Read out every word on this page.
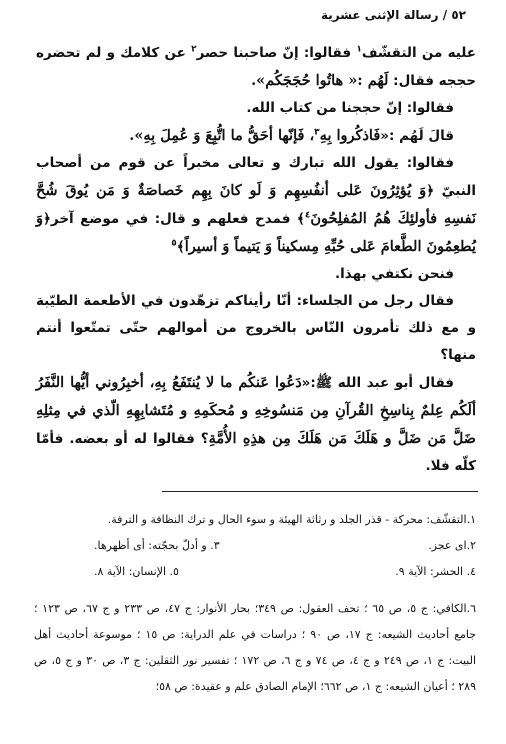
٥٢ / رسالة الإثنى عشرية

عليه من التقشّف$^١$ فقالوا: إنّ صاحبنا حصر$^٢$ عن كلامك و لم تحضره حججه فقال: لَهُم :« هاتُوا حُجَجَكُم».

فقالوا: إنّ حججنا من كتاب الله.

قالَ لَهُم :«فَاذكُروا بِهِ$^٣$، فَإنّها أحَقُّ ما اتُّبِعَ وَ عُمِلَ بِهِ».

فقالوا: يقول الله تبارك و تعالى مخبراً عن قوم من أصحاب النبيّ ﴿وَ يُؤثِرُونَ عَلى أنفُسِهِم وَ لَو كانَ بِهِم خَصاصَةٌ وَ مَن يُوقَ شُحَّ نَفسِهِ فأولئِكَ هُمُ المُفلِحُونَ$^٤$﴾ فمدح فعلهم و قال: في موضع آخر﴿وَ يُطعِمُونَ الطَّعامَ عَلى حُبِّهِ مِسكيناً وَ يَتيماً وَ أسيراً﴾$^٥$

فنحن نكتفي بهذا.

فقال رجل من الجلساء: أنّا رأيناكم تزهّدون في الأطعمة الطيّبة و مع ذلك تأمرون النّاس بالخروج من أموالهم حتّى تمتّعوا أنتم منها؟

فقال أبو عبد الله ﷺ:«دَعُوا عَنكُم ما لا يُنتَفَعُ بِهِ، أخبِرُوني أيُّها النَّفَرُ ألَكُم عِلمٌ بِناسِخِ القُرآنِ مِن مَنسُوخِهِ و مُحكَمِهِ و مُتَشابِهِهِ الّذي في مِثلِهِ ضَلَّ مَن ضَلَّ و هَلَكَ مَن هَلَكَ مِن هذِهِ الأُمَّةِ؟ فقالوا له أو بعضه. فأمّا كلّه فلا.

١.التقشّف: محركة - قذر الجلد و رثاثة الهيئة و سوء الحال و ترك النظافة و الترفة.

٢.اى عجز.
٣. و أدلّ بحجّته: أى أظهرها.
٤. الحشر: الآية ٩.
٥. الإنسان: الآية ٨.

٦.الكافي: ج ٥، ص ٦٥ ؛ تحف العقول: ص ٣٤٩؛ بحار الأنوار: ج ٤٧، ص ٢٣٣ و ج ٦٧، ص ١٢٣ ؛ جامع أحاديث الشيعه: ج ١٧، ص ٩٠ ؛ دراسات في علم الدراية: ص ١٥ ؛ موسوعة أحاديث أهل البيت: ج ١، ص ٢٤٩ و ج ٤، ص ٧٤ و ج ٦، ص ١٧٢ ؛ تفسير نور الثقلين: ج ٣، ص ٣٠ و ج ٥، ص ٢٨٩ ؛ أعيان الشيعه: ج ١، ص ٦٦٢؛ الإمام الصادق علم و عقيدة: ص ٥٨؛
